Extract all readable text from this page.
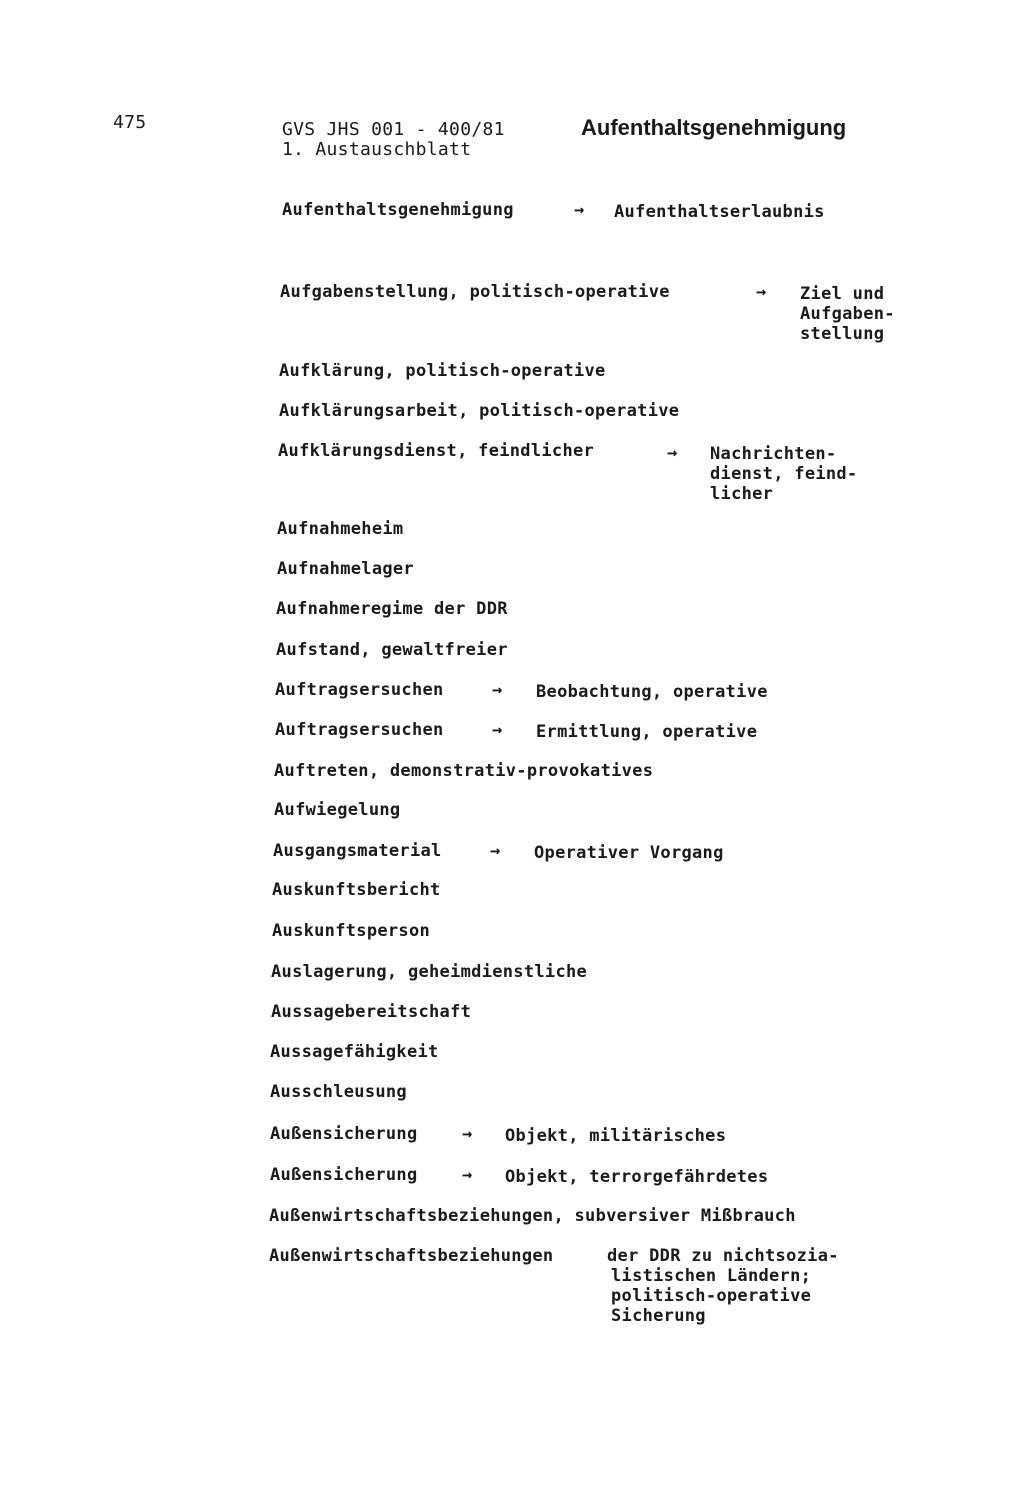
475	GVS JHS 001 - 400/81
1. Austauschblatt
Aufenthaltsgenehmigung
Aufenthaltsgenehmigung	→ Aufenthaltserlaubnis
Aufgabenstellung, politisch-operative	→ Ziel und
Aufgaben-
stellung
Aufklärung, politisch-operative
Aufklärungsarbeit, politisch-operative
Aufklärungsdienst, feindlicher	→ Nachrichten-
dienst, feind-
licher
Aufnahmeheim
Aufnahmelager
Aufnahmeregime der DDR
Aufstand, gewaltfreier
Auftragsersuchen	→ Beobachtung, operative
Auftragsersuchen	→ Ermittlung, operative
Auftreten, demonstrativ-provokatives
Aufwiegelung
Ausgangsmaterial	→ Operativer Vorgang
Auskunftsbericht
Auskunftsperson
Auslagerung, geheimdienstliche
Aussagebereitschaft
Aussagefähigkeit
Ausschleusung
Außensicherung	→ Objekt, militärisches
Außensicherung	→ Objekt, terrorgefährdetes
Außenwirtschaftsbeziehungen, subversiver Mißbrauch
Außenwirtschaftsbeziehungen	der DDR zu nichtsozia-
listischen Ländern;
politisch-operative
Sicherung
